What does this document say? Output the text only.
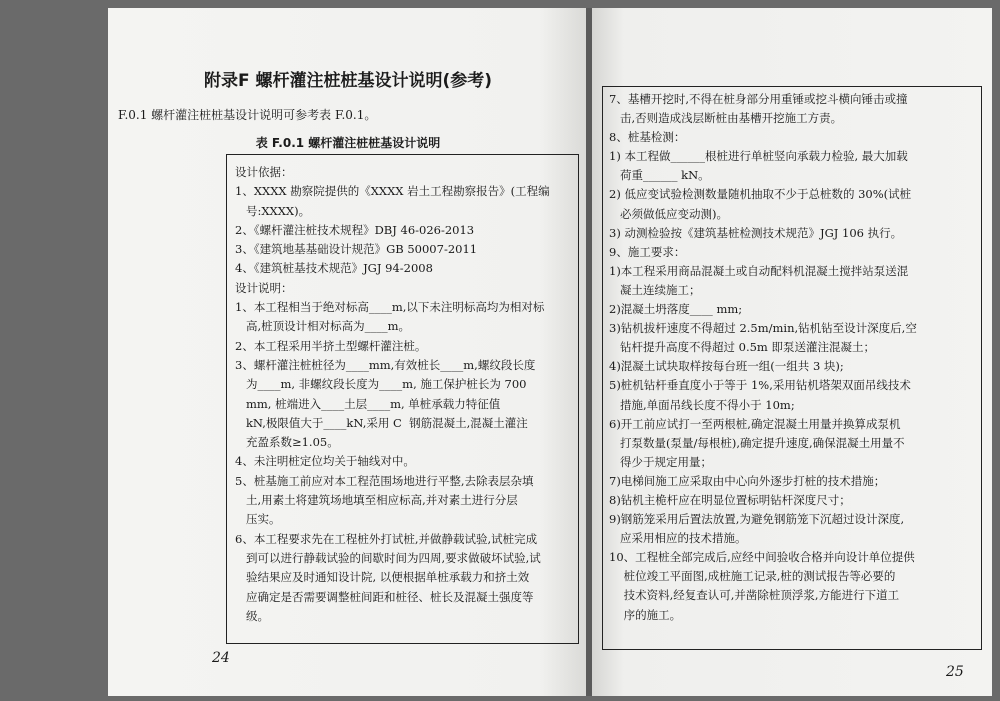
附录F 螺杆灌注桩桩基设计说明(参考)
F.0.1 螺杆灌注桩桩基设计说明可参考表 F.0.1。
表 F.0.1 螺杆灌注桩桩基设计说明
设计依据：
1、XXXX 勘察院提供的《XXXX 岩土工程勘察报告》(工程编
号:XXXX)。
2、《螺杆灌注桩技术规程》DBJ 46-026-2013
3、《建筑地基基础设计规范》GB 50007-2011
4、《建筑桩基技术规范》JGJ 94-2008
设计说明：
1、本工程相当于绝对标高____m,以下未注明标高均为相对标
高,桩顶设计相对标高为____m。
2、本工程采用半挤土型螺杆灌注桩。
3、螺杆灌注桩桩径为____mm,有效桩长____m,螺纹段长度
为____m, 非螺纹段长度为____m, 施工保护桩长为 700
mm, 桩端进入____土层____m, 单桩承载力特征值
kN,极限值大于____kN,采用 C  钢筋混凝土,混凝土灌注
充盈系数≥1.05。
4、未注明桩定位均关于轴线对中。
5、桩基施工前应对本工程范围场地进行平整,去除表层杂填
土,用素土将建筑场地填至相应标高,并对素土进行分层
压实。
6、本工程要求先在工程桩外打试桩,并做静载试验,试桩完成
到可以进行静载试验的间歇时间为四周,要求做破坏试验,试
验结果应及时通知设计院, 以便根据单桩承载力和挤土效
应确定是否需要调整桩间距和桩径、桩长及混凝土强度等
级。
7、基槽开挖时,不得在桩身部分用重锤或挖斗横向锤击或撞
击,否则造成浅层断桩由基槽开挖施工方责。
8、桩基检测：
1) 本工程做______根桩进行单桩竖向承载力检验, 最大加载
荷重______ kN。
2) 低应变试验检测数量随机抽取不少于总桩数的 30%(试桩
必须做低应变动测)。
3) 动测检验按《建筑基桩检测技术规范》JGJ 106 执行。
9、施工要求：
1)本工程采用商品混凝土或自动配料机混凝土搅拌站泵送混
凝土连续施工；
2)混凝土坍落度____ mm;
3)钻机拔杆速度不得超过 2.5m/min,钻机钻至设计深度后,空
钻杆提升高度不得超过 0.5m 即泵送灌注混凝土；
4)混凝土试块取样按每台班一组(一组共 3 块);
5)桩机钻杆垂直度小于等于 1%,采用钻机塔架双面吊线技术
措施,单面吊线长度不得小于 10m;
6)开工前应试打一至两根桩,确定混凝土用量并换算成泵机
打泵数量(泵量/每根桩),确定提升速度,确保混凝土用量不
得少于规定用量；
7)电梯间施工应采取由中心向外逐步打桩的技术措施；
8)钻机主桅杆应在明显位置标明钻杆深度尺寸；
9)钢筋笼采用后置法放置,为避免钢筋笼下沉超过设计深度,
应采用相应的技术措施。
10、工程桩全部完成后,应经中间验收合格并向设计单位提供
桩位竣工平面图,成桩施工记录,桩的测试报告等必要的
技术资料,经复查认可,并凿除桩顶浮浆,方能进行下道工
序的施工。
24
25
